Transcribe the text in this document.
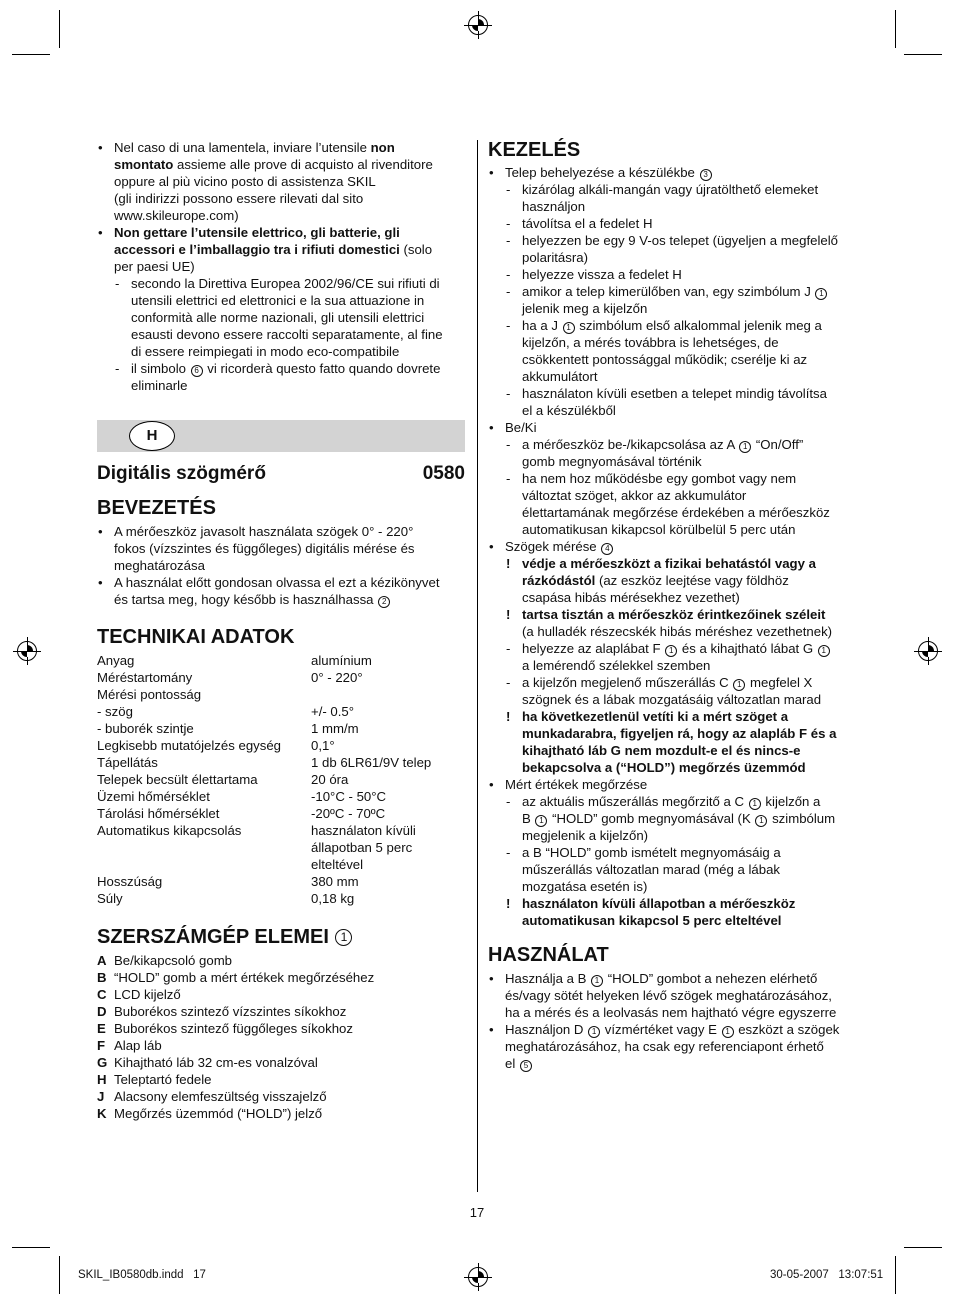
• Nel caso di una lamentela, inviare l’utensile non
smontato assieme alle prove di acquisto al rivenditore
oppure al più vicino posto di assistenza SKIL
(gli indirizzi possono essere rilevati dal sito
www.skileurope.com)

• Non gettare l’utensile elettrico, gli batterie, gli
accessori e l’imballaggio tra i rifiuti domestici (solo
per paesi UE)

- secondo la Direttiva Europea 2002/96/CE sui rifiuti di
utensili elettrici ed elettronici e la sua attuazione in
conformità alle norme nazionali, gli utensili elettrici
esausti devono essere raccolti separatamente, al fine
di essere reimpiegati in modo eco-compatibile

- il simbolo 6 vi ricorderà questo fatto quando dovrete
eliminarle

H
Digitális szögmérő	0580
BEVEZETÉS

• A mérőeszköz javasolt használata szögek 0° - 220°
fokos (vízszintes és függőleges) digitális mérése és
meghatározása

• A használat előtt gondosan olvassa el ezt a kézikönyvet
és tartsa meg, hogy később is használhassa 2

TECHNIKAI ADATOK
Anyag	alumínium
Méréstartomány	0° - 220°
Mérési pontosság	
- szög	+/- 0.5°
- buborék szintje	1 mm/m
Legkisebb mutatójelzés egység	0,1°
Tápellátás	1 db 6LR61/9V telep
Telepek becsült élettartama	20 óra
Üzemi hőmérséklet	-10°C - 50°C
Tárolási hőmérséklet	-20ºC - 70ºC
Automatikus kikapcsolás	használaton kívüli állapotban 5 perc elteltével
Hosszúság	380 mm
Súly	0,18 kg
SZERSZÁMGÉP ELEMEI 1
A Be/kikapcsoló gomb
B “HOLD” gomb a mért értékek megőrzéséhez
C LCD kijelző
D Buborékos szintező vízszintes síkokhoz
E Buborékos szintező függőleges síkokhoz
F Alap láb
G Kihajtható láb 32 cm-es vonalzóval
H Teleptartó fedele
J Alacsony elemfeszültség visszajelző
K Megőrzés üzemmód (“HOLD”) jelző
KEZELÉS

• Telep behelyezése a készülékbe 3

- kizárólag alkáli-mangán vagy újratölthető elemeket
használjon

- távolítsa el a fedelet H

- helyezzen be egy 9 V-os telepet (ügyeljen a megfelelő
polaritásra)

- helyezze vissza a fedelet H

- amikor a telep kimerülőben van, egy szimbólum J 1
jelenik meg a kijelzőn

- ha a J 1 szimbólum első alkalommal jelenik meg a
kijelzőn, a mérés továbbra is lehetséges, de
csökkentett pontossággal működik; cserélje ki az
akkumulátort

- használaton kívüli esetben a telepet mindig távolítsa
el a készülékből

• Be/Ki

- a mérőeszköz be-/kikapcsolása az A 1 “On/Off”
gomb megnyomásával történik

- ha nem hoz működésbe egy gombot vagy nem
változtat szöget, akkor az akkumulátor
élettartamának megőrzése érdekében a mérőeszköz
automatikusan kikapcsol körülbelül 5 perc után

• Szögek mérése 4

! védje a mérőeszközt a fizikai behatástól vagy a
rázkódástól (az eszköz leejtése vagy földhöz
csapása hibás mérésekhez vezethet)

! tartsa tisztán a mérőeszköz érintkezőinek széleit
(a hulladék részecskék hibás méréshez vezethetnek)

- helyezze az alaplábat F 1 és a kihajtható lábat G 1
a lemérendő szélekkel szemben

- a kijelzőn megjelenő műszerállás C 1 megfelel X
szögnek és a lábak mozgatásáig változatlan marad

! ha következetlenül vetíti ki a mért szöget a
munkadarabra, figyeljen rá, hogy az alapláb F és a
kihajtható láb G nem mozdult-e el és nincs-e
bekapcsolva a (“HOLD”) megőrzés üzemmód

• Mért értékek megőrzése

- az aktuális műszerállás megőrzitő a C 1 kijelzőn a
B 1 “HOLD” gomb megnyomásával (K 1 szimbólum
megjelenik a kijelzőn)

- a B “HOLD” gomb ismételt megnyomásáig a
műszerállás változatlan marad (még a lábak
mozgatása esetén is)

! használaton kívüli állapotban a mérőeszköz
automatikusan kikapcsol 5 perc elteltével

HASZNÁLAT

• Használja a B 1 “HOLD” gombot a nehezen elérhető
és/vagy sötét helyeken lévő szögek meghatározásához,
ha a mérés és a leolvasás nem hajtható végre egyszerre

• Használjon D 1 vízmértéket vagy E 1 eszközt a szögek
meghatározásához, ha csak egy referenciapont érhető
el 5

17
SKIL_IB0580db.indd   17	30-05-2007   13:07:51
